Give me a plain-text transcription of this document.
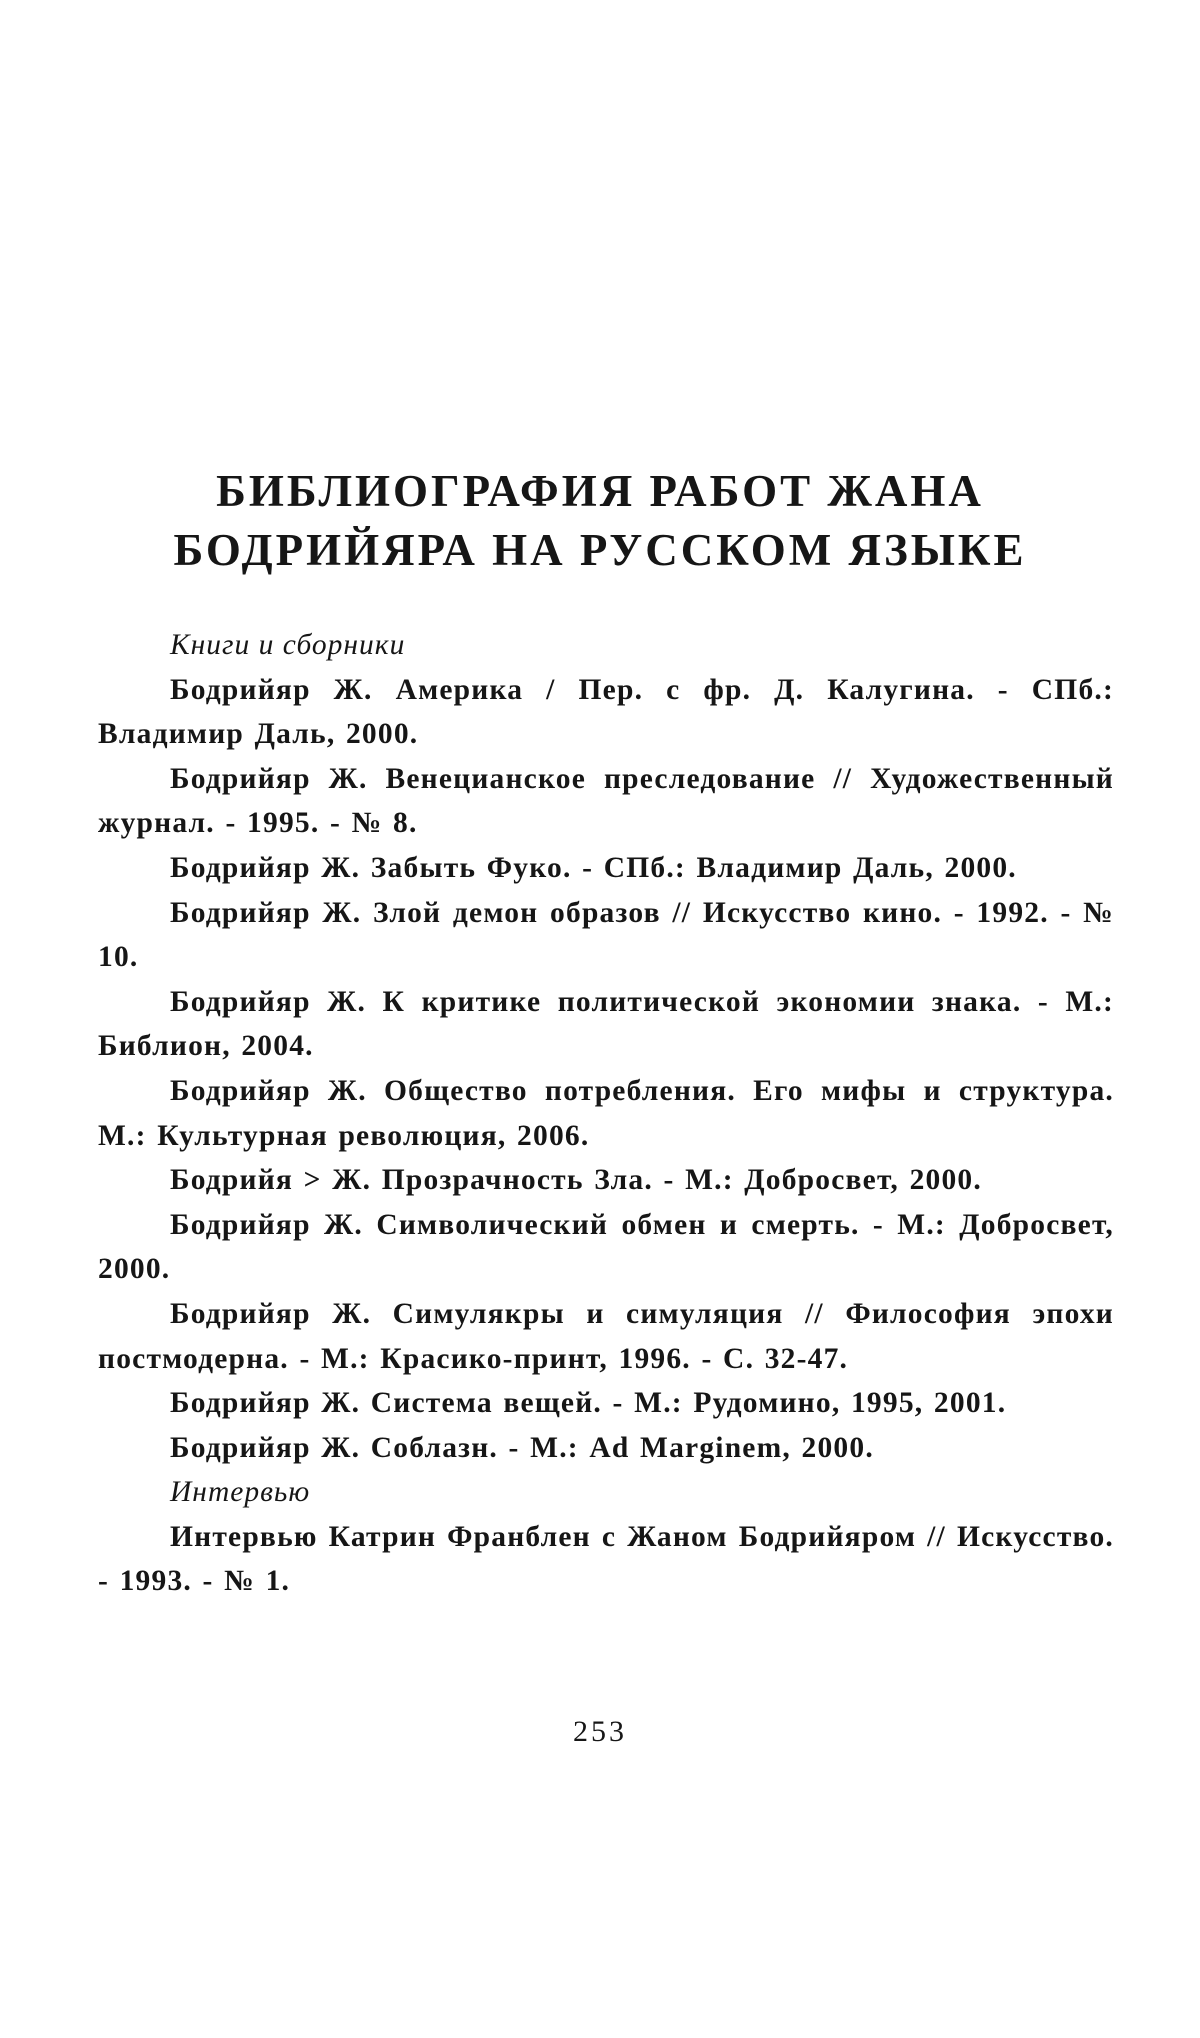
БИБЛИОГРАФИЯ РАБОТ ЖАНА
БОДРИЙЯРА НА РУССКОМ ЯЗЫКЕ
Книги и сборники
Бодрийяр Ж. Америка / Пер. с фр. Д. Калугина. - СПб.: Владимир Даль, 2000.
Бодрийяр Ж. Венецианское преследование // Художественный журнал. - 1995. - № 8.
Бодрийяр Ж. Забыть Фуко. - СПб.: Владимир Даль, 2000.
Бодрийяр Ж. Злой демон образов // Искусство кино. - 1992. - № 10.
Бодрийяр Ж. К критике политической экономии знака. - М.: Библион, 2004.
Бодрийяр Ж. Общество потребления. Его мифы и структура. М.: Культурная революция, 2006.
Бодрийя > Ж. Прозрачность Зла. - М.: Добросвет, 2000.
Бодрийяр Ж. Символический обмен и смерть. - М.: Добросвет, 2000.
Бодрийяр Ж. Симулякры и симуляция // Философия эпохи постмодерна. - М.: Красико-принт, 1996. - С. 32-47.
Бодрийяр Ж. Система вещей. - М.: Рудомино, 1995, 2001.
Бодрийяр Ж. Соблазн. - М.: Ad Marginem, 2000.
Интервью
Интервью Катрин Франблен с Жаном Бодрийяром // Искусство. - 1993. - № 1.
253
